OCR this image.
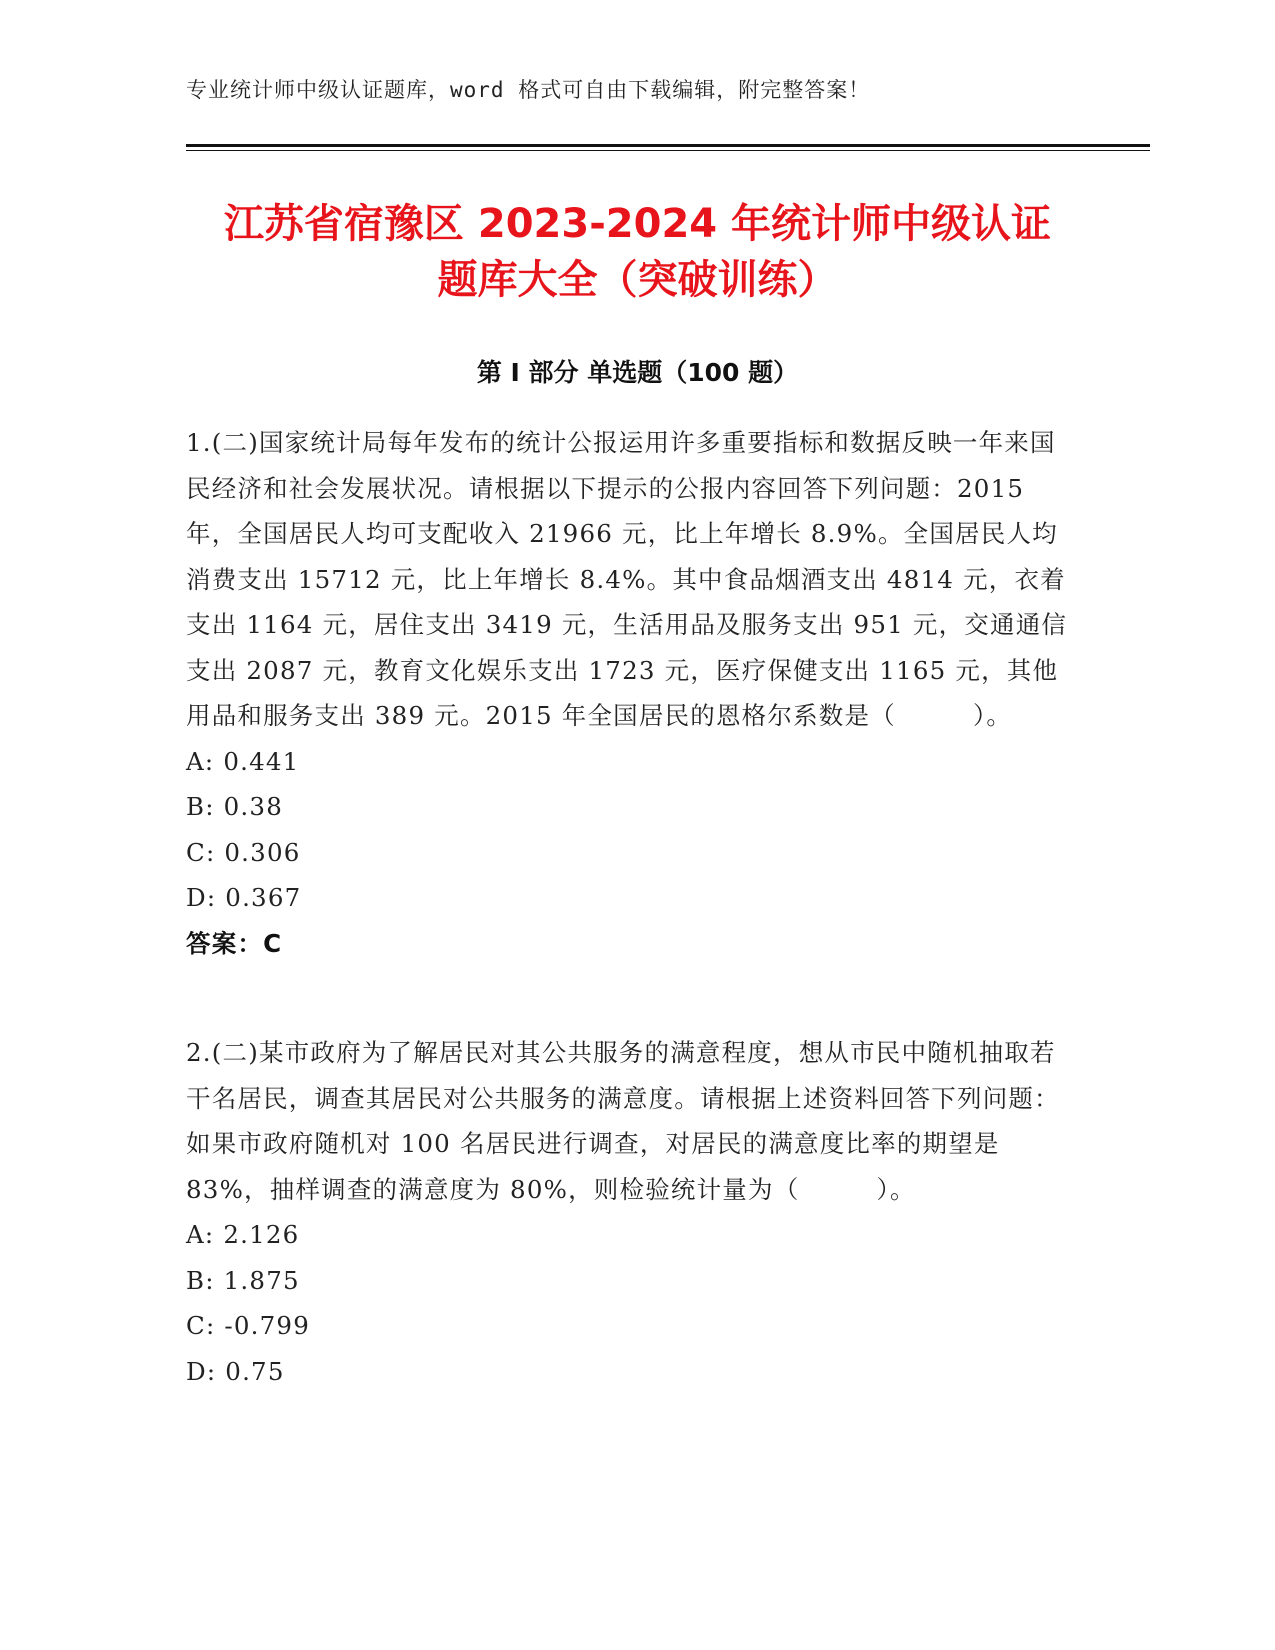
专业统计师中级认证题库，word 格式可自由下载编辑，附完整答案！
江苏省宿豫区 2023-2024 年统计师中级认证
题库大全（突破训练）
第 I 部分 单选题（100 题）

1.(二)国家统计局每年发布的统计公报运用许多重要指标和数据反映一年来国民经济和社会发展状况。请根据以下提示的公报内容回答下列问题：2015 年，全国居民人均可支配收入 21966 元，比上年增长 8.9%。全国居民人均消费支出 15712 元，比上年增长 8.4%。其中食品烟酒支出 4814 元，衣着支出 1164 元，居住支出 3419 元，生活用品及服务支出 951 元，交通通信支出 2087 元，教育文化娱乐支出 1723 元，医疗保健支出 1165 元，其他用品和服务支出 389 元。2015 年全国居民的恩格尔系数是（　　　）。

A: 0.441

B: 0.38

C: 0.306

D: 0.367

答案：C

2.(二)某市政府为了解居民对其公共服务的满意程度，想从市民中随机抽取若干名居民，调查其居民对公共服务的满意度。请根据上述资料回答下列问题：如果市政府随机对 100 名居民进行调查，对居民的满意度比率的期望是 83%，抽样调查的满意度为 80%，则检验统计量为（　　　）。

A: 2.126

B: 1.875

C: -0.799

D: 0.75
